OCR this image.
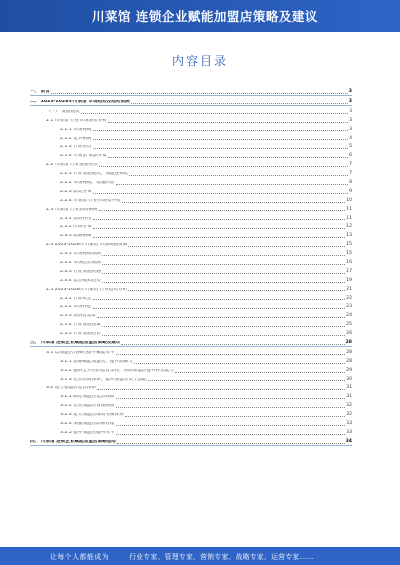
川菜馆 连锁企业赋能加盟店策略及建议
内容目录
一、 前言	3
二、 2023-2028年川菜馆 市场趋势及趋势预测	3
（一） 发展现状	3
2.1 川菜馆 行业市场现状分析	3
2.1.1 市场规模	3
2.1.2 竞争格局	4
2.1.3 行业特点	5
2.1.4 川菜馆 菜品开发	6
2.2 川菜馆 行业发展特点	7
2.2.1 行业发展模式，加盟连锁化	7
2.2.2 市场规模，增速明显	8
2.2.3 品类分布	9
2.2.4 川菜馆 行业市场集中度	10
2.3 川菜馆 行业消费格局	11
2.3.1 消费特点	11
2.3.2 区域分布	12
2.3.3 品牌格局	13
2.4 2023-2028年川菜馆 市场规模预测	15
2.4.1 市场规模预测	15
2.4.2 市场趋势预测	16
2.4.3 行业发展机遇	17
2.4.4 运营模式趋势	19
2.5 2023-2028年川菜馆 行业趋势分析	21
2.5.1 行业机会	22
2.5.2 市场特征	23
2.5.3 消费者需求	24
2.5.4 行业发展因素	25
2.5.5 行业发展趋势	26
三、 川菜馆 连锁企业赋能加盟店策略及建议	28
3.1 以加盟店为核心提升赋能水平	28
3.1.1 总部赋能加盟店，提升品牌力	28
3.1.2 提供全方位的运营支持，帮助加盟店提升经营能力	29
3.1.3 完善培训体系，提升加盟店员工技能	30
3.2 建立加盟店运营体系	31
3.2.1 制定加盟店运营标准	31
3.2.2 完善加盟店管理制度	32
3.2.3 建立加盟店绩效考核体系	32
3.2.4 加强加盟店品牌管理	33
3.2.5 提升加盟店服务水平	33
四、 川菜馆 连锁企业赋能加盟店策略总结	34
让每个人都能成为	行业专家、管理专家、营销专家、战略专家、运营专家……
